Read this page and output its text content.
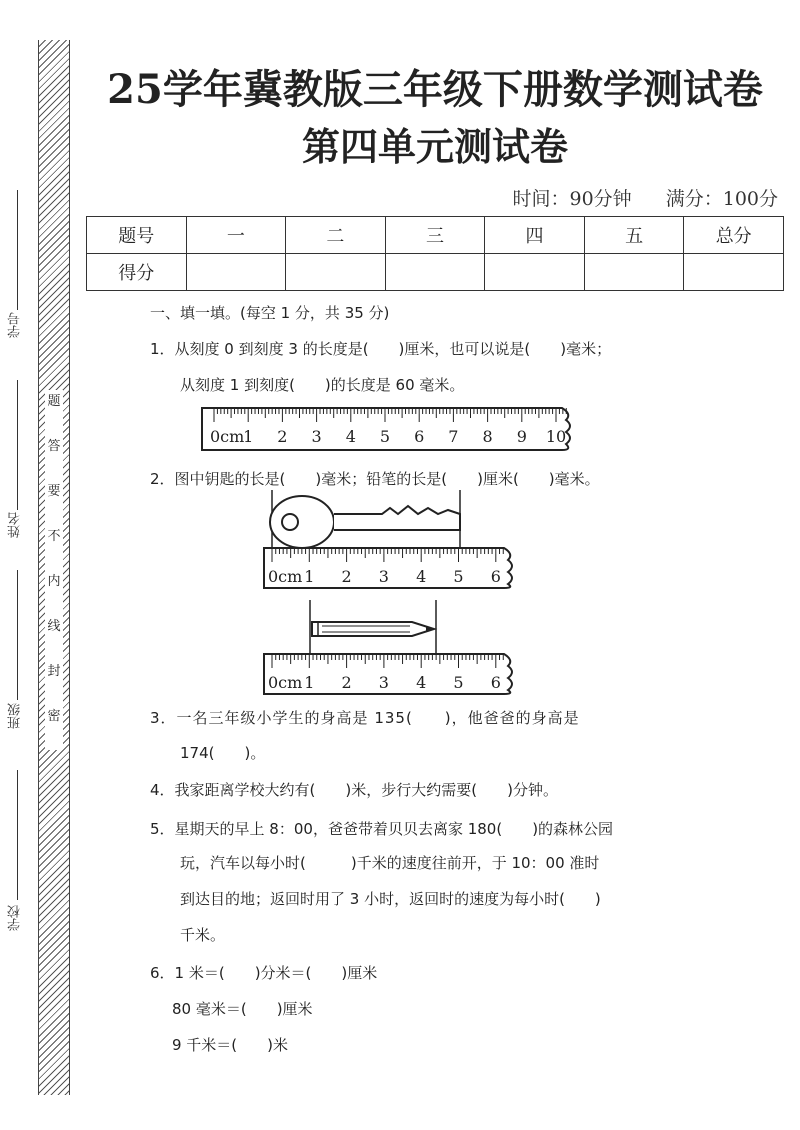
学号
姓名
班级
学校
题
答
要
不
内
线
封
密
25学年冀教版三年级下册数学测试卷
第四单元测试卷
时间：90分钟 满分：100分
题号	一	二	三	四	五	总分
得分						
一、填一填。(每空 1 分，共 35 分)
1．从刻度 0 到刻度 3 的长度是(　　)厘米，也可以说是(　　)毫米；
从刻度 1 到刻度(　　)的长度是 60 毫米。
0cm
1 2 3 4 5 6 7 8 9 10
2．图中钥匙的长是(　　)毫米；铅笔的长是(　　)厘米(　　)毫米。
0cm 1 2 3 4 5 6
0cm 1 2 3 4 5 6
3．一名三年级小学生的身高是 135(　　)，他爸爸的身高是
174(　　)。
4．我家距离学校大约有(　　)米，步行大约需要(　　)分钟。
5．星期天的早上 8：00，爸爸带着贝贝去离家 180(　　)的森林公园
玩，汽车以每小时(　　　)千米的速度往前开，于 10：00 准时
到达目的地；返回时用了 3 小时，返回时的速度为每小时(　　)
千米。
6．1 米＝(　　)分米＝(　　)厘米
80 毫米＝(　　)厘米
9 千米＝(　　)米
